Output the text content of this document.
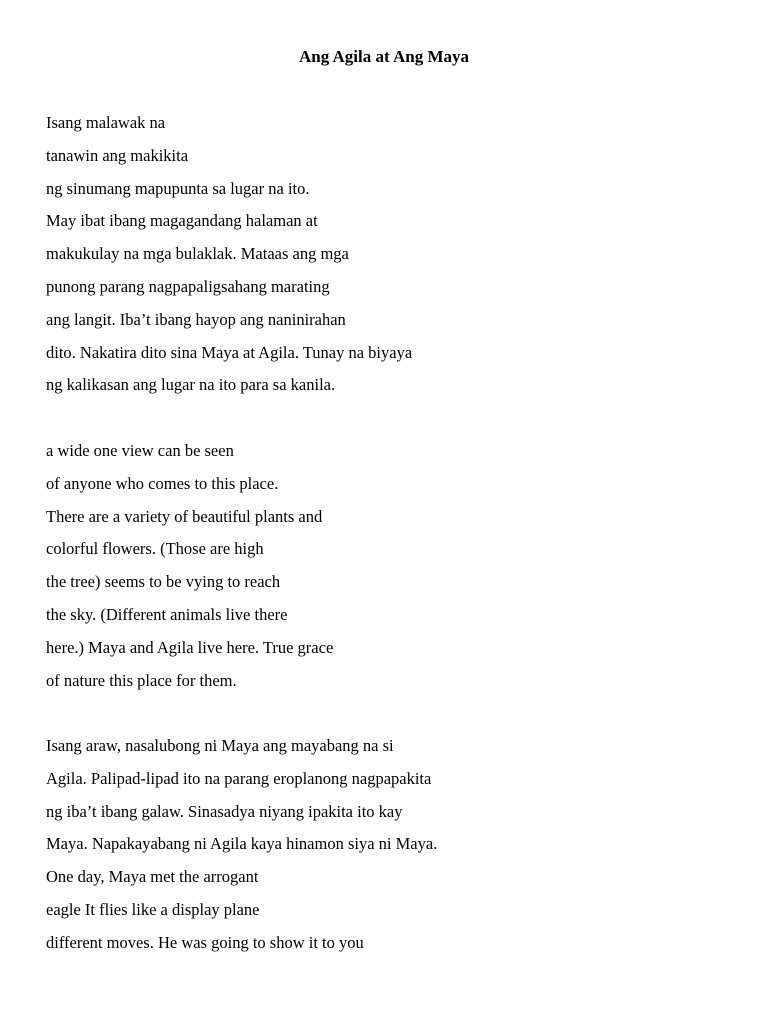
Ang Agila at Ang Maya
Isang malawak na
tanawin ang makikita
ng sinumang mapupunta sa lugar na ito.
May ibat ibang magagandang halaman at
makukulay na mga bulaklak. Mataas ang mga
punong parang nagpapaligsahang marating
ang langit. Iba’t ibang hayop ang naninirahan
dito. Nakatira dito sina Maya at Agila. Tunay na biyaya
ng kalikasan ang lugar na ito para sa kanila.
a wide one view can be seen
of anyone who comes to this place.
There are a variety of beautiful plants and
colorful flowers. (Those are high
the tree) seems to be vying to reach
the sky. (Different animals live there
here.) Maya and Agila live here. True grace
of nature this place for them.
Isang araw, nasalubong ni Maya ang mayabang na si
Agila. Palipad-lipad ito na parang eroplanong nagpapakita
ng iba’t ibang galaw. Sinasadya niyang ipakita ito kay
Maya. Napakayabang ni Agila kaya hinamon siya ni Maya.
One day, Maya met the arrogant
eagle It flies like a display plane
different moves. He was going to show it to you
